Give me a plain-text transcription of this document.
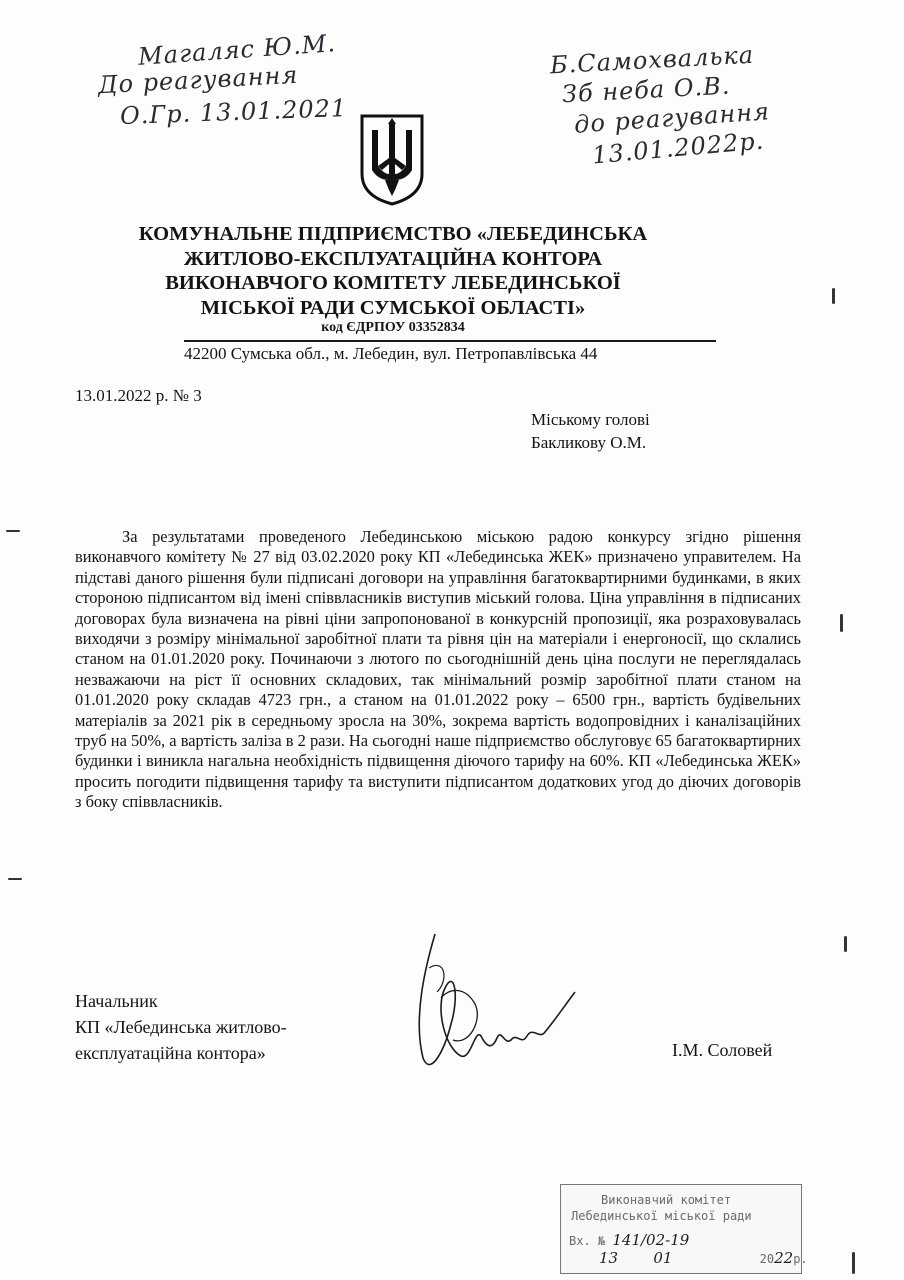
Магаляс Ю.М.
До реагування
О.Гр. 13.01.2021
Б.Самохвалька
Зб неба О.В.
до реагування
13.01.2022р.
КОМУНАЛЬНЕ ПІДПРИЄМСТВО «ЛЕБЕДИНСЬКА
ЖИТЛОВО-ЕКСПЛУАТАЦІЙНА КОНТОРА
ВИКОНАВЧОГО КОМІТЕТУ ЛЕБЕДИНСЬКОЇ
МІСЬКОЇ РАДИ СУМСЬКОЇ ОБЛАСТІ»
код ЄДРПОУ 03352834
42200 Сумська обл., м. Лебедин, вул. Петропавлівська 44
13.01.2022 р. № 3
Міському голові
Бакликову О.М.
За результатами проведеного Лебединською міською радою конкурсу згідно рішення виконавчого комітету № 27 від 03.02.2020 року КП «Лебединська ЖЕК» призначено управителем. На підставі даного рішення були підписані договори на управління багатоквартирними будинками, в яких стороною підписантом від імені співвласників виступив міський голова. Ціна управління в підписаних договорах була визначена на рівні ціни запропонованої в конкурсній пропозиції, яка розраховувалась виходячи з розміру мінімальної заробітної плати та рівня цін на матеріали і енергоносії, що склались станом на 01.01.2020 року. Починаючи з лютого по сьогоднішній день ціна послуги не переглядалась незважаючи на ріст її основних складових, так мінімальний розмір заробітної плати станом на 01.01.2020 року складав 4723 грн., а станом на 01.01.2022 року – 6500 грн., вартість будівельних матеріалів за 2021 рік в середньому зросла на 30%, зокрема вартість водопровідних і каналізаційних труб на 50%, а вартість заліза в 2 рази. На сьогодні наше підприємство обслуговує 65 багатоквартирних будинки і виникла нагальна необхідність підвищення діючого тарифу на 60%. КП «Лебединська ЖЕК» просить погодити підвищення тарифу та виступити підписантом додаткових угод до діючих договорів з боку співвласників.
Начальник
КП «Лебединська житлово-
експлуатаційна контора»	І.М. Соловей
Виконавчий комітет
Лебединської міської ради
Вх. № 141/02-19
13 01	2022р.
